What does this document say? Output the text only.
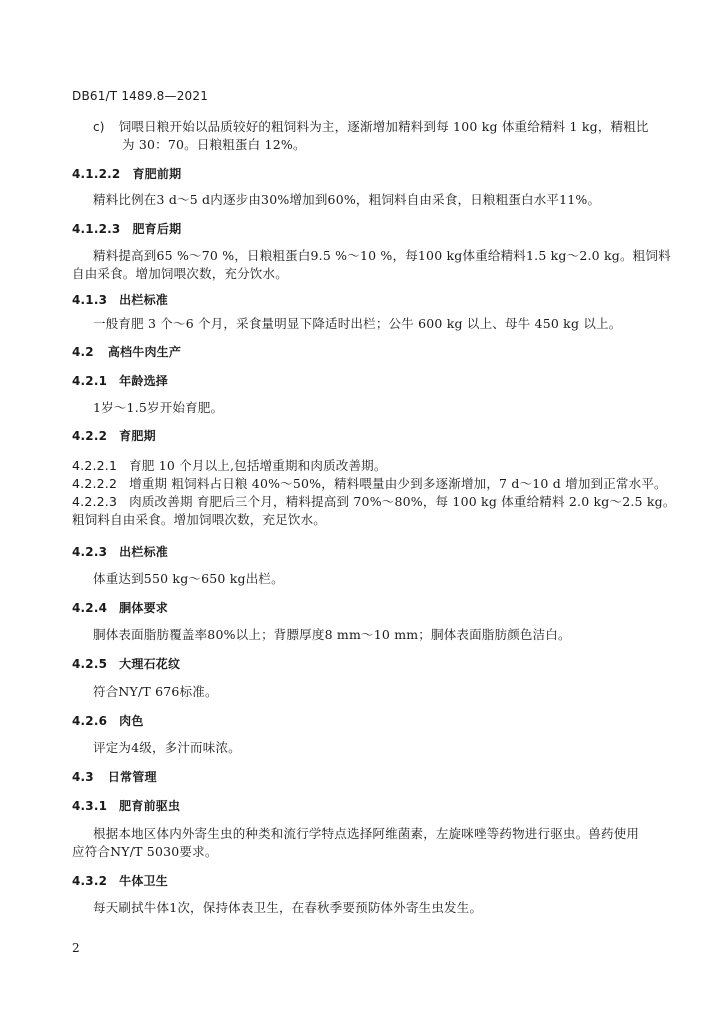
DB61/T 1489.8—2021
c) 饲喂日粮开始以品质较好的粗饲料为主，逐渐增加精料到每 100 kg 体重给精料 1 kg，精粗比
为 30：70。日粮粗蛋白 12%。
4.1.2.2 育肥前期
精料比例在3 d～5 d内逐步由30%增加到60%，粗饲料自由采食，日粮粗蛋白水平11%。
4.1.2.3 肥育后期
精料提高到65 %～70 %，日粮粗蛋白9.5 %～10 %，每100 kg体重给精料1.5 kg～2.0 kg。粗饲料
自由采食。增加饲喂次数，充分饮水。
4.1.3 出栏标准
一般育肥 3 个～6 个月，采食量明显下降适时出栏；公牛 600 kg 以上、母牛 450 kg 以上。
4.2 高档牛肉生产
4.2.1 年龄选择
1岁～1.5岁开始育肥。
4.2.2 育肥期
4.2.2.1 育肥 10 个月以上,包括增重期和肉质改善期。
4.2.2.2 增重期 粗饲料占日粮 40%～50%，精料喂量由少到多逐渐增加，7 d～10 d 增加到正常水平。
4.2.2.3 肉质改善期 育肥后三个月，精料提高到 70%～80%，每 100 kg 体重给精料 2.0 kg～2.5 kg。
粗饲料自由采食。增加饲喂次数，充足饮水。
4.2.3 出栏标准
体重达到550 kg～650 kg出栏。
4.2.4 胴体要求
胴体表面脂肪覆盖率80%以上；背膘厚度8 mm～10 mm；胴体表面脂肪颜色洁白。
4.2.5 大理石花纹
符合NY/T 676标准。
4.2.6 肉色
评定为4级，多汁而味浓。
4.3 日常管理
4.3.1 肥育前驱虫
根据本地区体内外寄生虫的种类和流行学特点选择阿维菌素，左旋咪唑等药物进行驱虫。兽药使用
应符合NY/T 5030要求。
4.3.2 牛体卫生
每天刷拭牛体1次，保持体表卫生，在春秋季要预防体外寄生虫发生。
2
